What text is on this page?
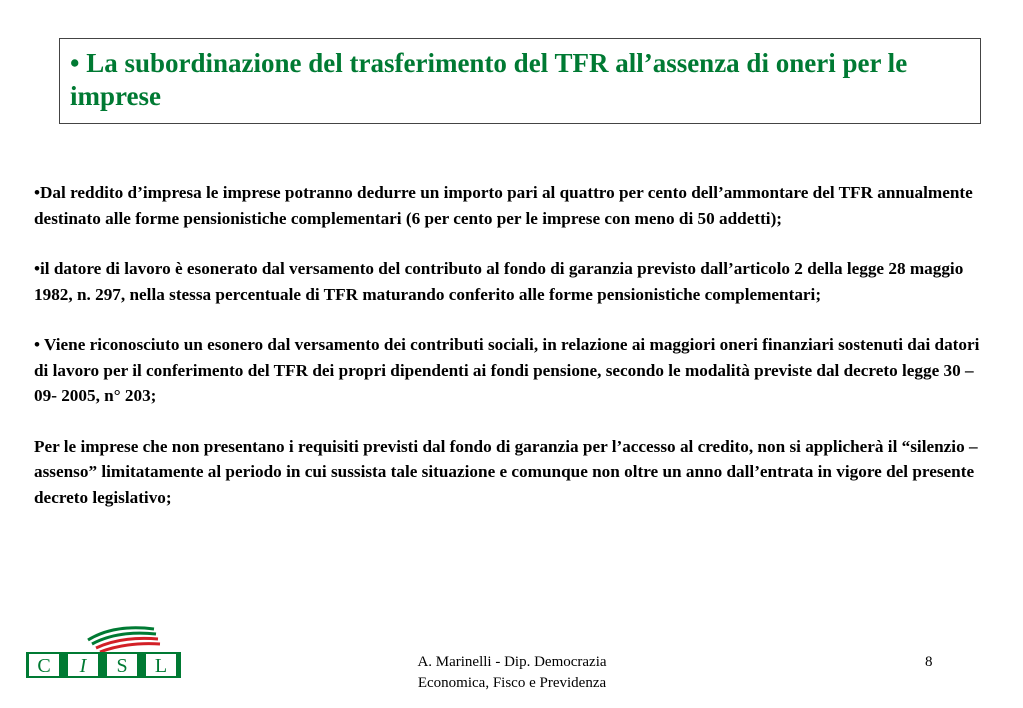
• La subordinazione del trasferimento del TFR all’assenza di oneri per le imprese

•Dal reddito d’impresa le imprese potranno dedurre un importo pari al quattro per cento dell’ammontare del TFR annualmente destinato alle forme pensionistiche complementari (6 per cento per le imprese con meno di 50 addetti);

•il datore di lavoro è esonerato dal versamento del contributo al fondo di garanzia previsto dall’articolo 2 della legge 28 maggio 1982, n. 297, nella stessa percentuale di TFR maturando conferito alle forme pensionistiche complementari;

• Viene riconosciuto un esonero dal versamento dei contributi sociali, in relazione ai maggiori oneri finanziari sostenuti dai datori di lavoro per il conferimento del TFR dei propri dipendenti ai fondi pensione, secondo le modalità previste dal decreto legge 30 –09- 2005, n° 203;

Per le imprese che non presentano i requisiti previsti dal fondo di garanzia per l’accesso al credito, non si applicherà il “silenzio – assenso” limitatamente al periodo in cui sussista tale situazione e comunque non oltre un anno dall’entrata in vigore del presente decreto legislativo;

C I S L	A. Marinelli - Dip. Democrazia
Economica, Fisco e Previdenza
8
